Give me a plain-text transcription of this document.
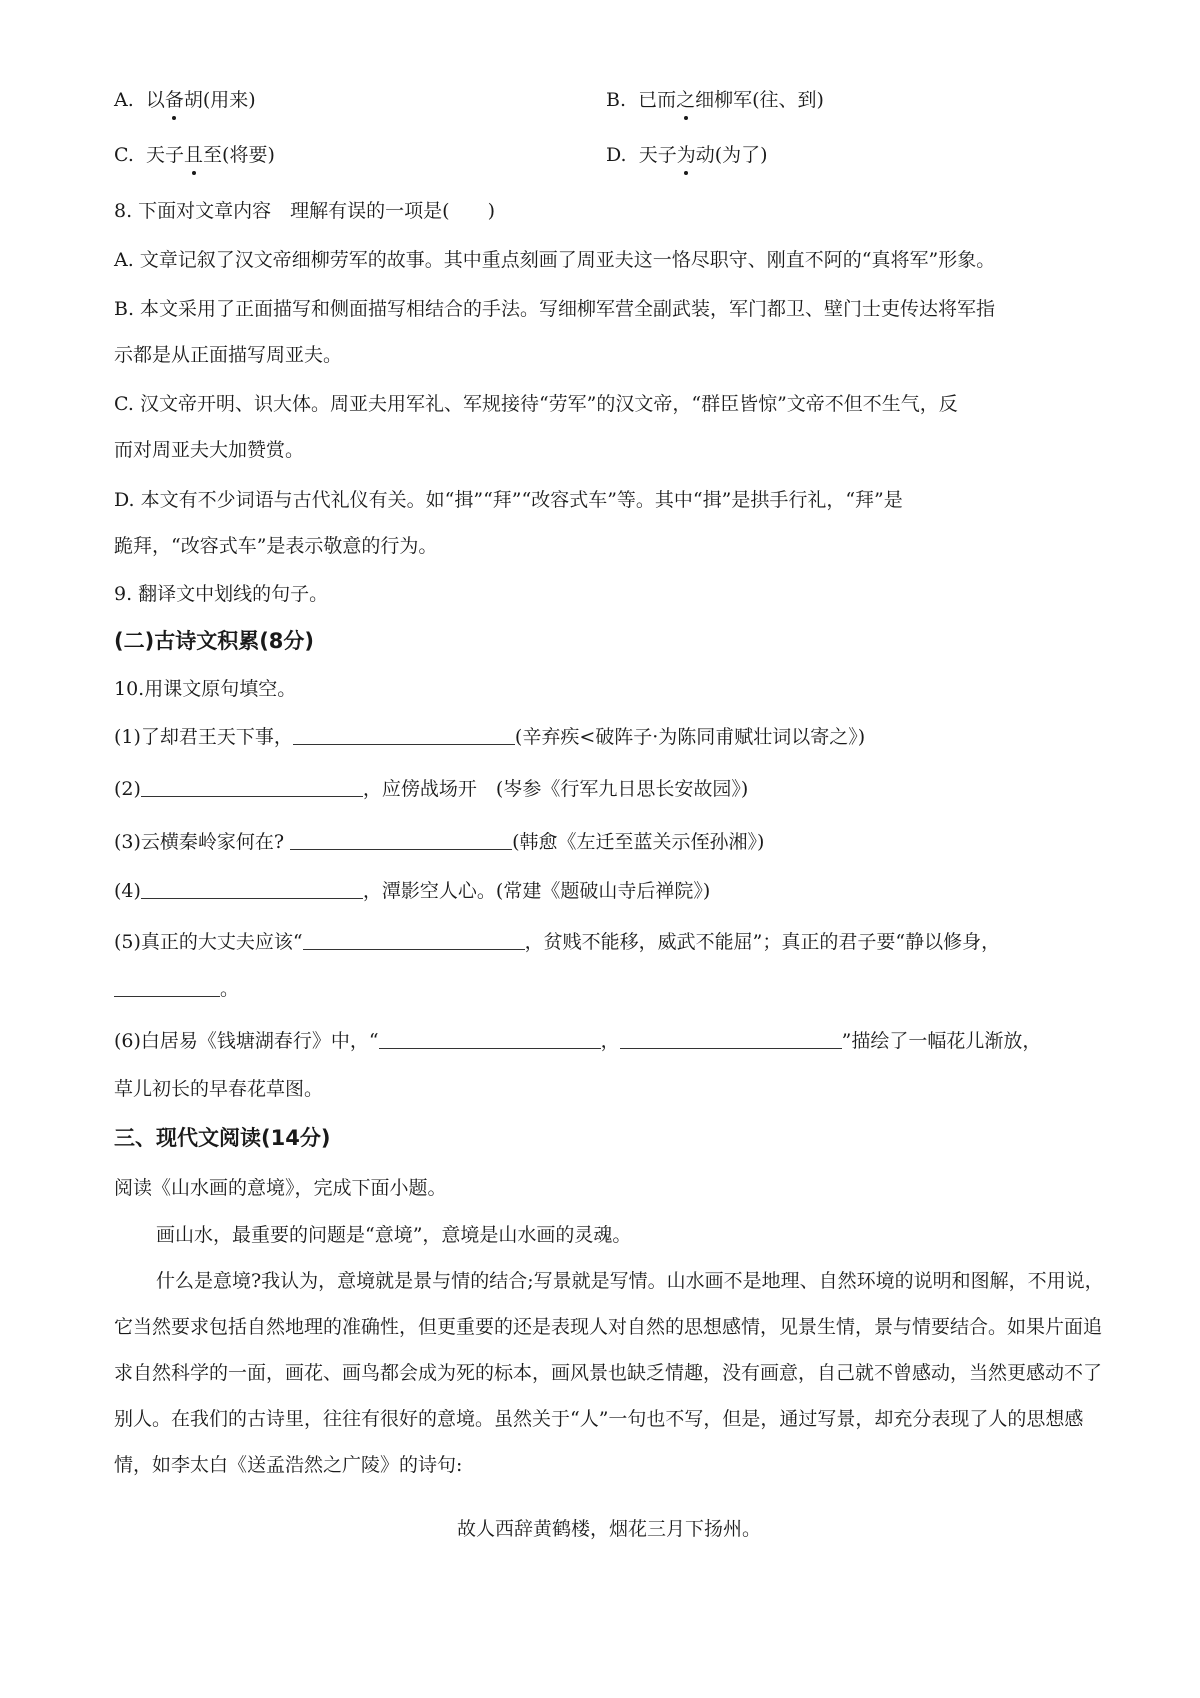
A. 以备胡(用来)	B. 已而之细柳军(往、到)
C. 天子且至(将要)	D. 天子为动(为了)
8. 下面对文章内容　理解有误的一项是(　　)
A. 文章记叙了汉文帝细柳劳军的故事。其中重点刻画了周亚夫这一恪尽职守、刚直不阿的“真将军”形象。
B. 本文采用了正面描写和侧面描写相结合的手法。写细柳军营全副武装，军门都卫、壁门士吏传达将军指
示都是从正面描写周亚夫。
C. 汉文帝开明、识大体。周亚夫用军礼、军规接待“劳军”的汉文帝，“群臣皆惊”文帝不但不生气，反
而对周亚夫大加赞赏。
D. 本文有不少词语与古代礼仪有关。如“揖”“拜”“改容式车”等。其中“揖”是拱手行礼，“拜”是
跪拜，“改容式车”是表示敬意的行为。
9. 翻译文中划线的句子。
(二)古诗文积累(8分)
10.用课文原句填空。
(1)了却君王天下事，	(辛弃疾<破阵子·为陈同甫赋壮词以寄之》)
(2)	，应傍战场开　(岑参《行军九日思长安故园》)
(3)云横秦岭家何在?	(韩愈《左迁至蓝关示侄孙湘》)
(4)	，潭影空人心。(常建《题破山寺后禅院》)
(5)真正的大丈夫应该“	，贫贱不能移，威武不能屈”；真正的君子要“静以修身，
。
(6)白居易《钱塘湖春行》中，“	，	”描绘了一幅花儿渐放，
草儿初长的早春花草图。
三、现代文阅读(14分)
阅读《山水画的意境》，完成下面小题。
画山水，最重要的问题是“意境”，意境是山水画的灵魂。
什么是意境?我认为，意境就是景与情的结合;写景就是写情。山水画不是地理、自然环境的说明和图解，不用说，它当然要求包括自然地理的准确性，但更重要的还是表现人对自然的思想感情，见景生情，景与情要结合。如果片面追求自然科学的一面，画花、画鸟都会成为死的标本，画风景也缺乏情趣，没有画意，自己就不曾感动，当然更感动不了别人。在我们的古诗里，往往有很好的意境。虽然关于“人”一句也不写，但是，通过写景，却充分表现了人的思想感情，如李太白《送孟浩然之广陵》的诗句:
故人西辞黄鹤楼，烟花三月下扬州。
